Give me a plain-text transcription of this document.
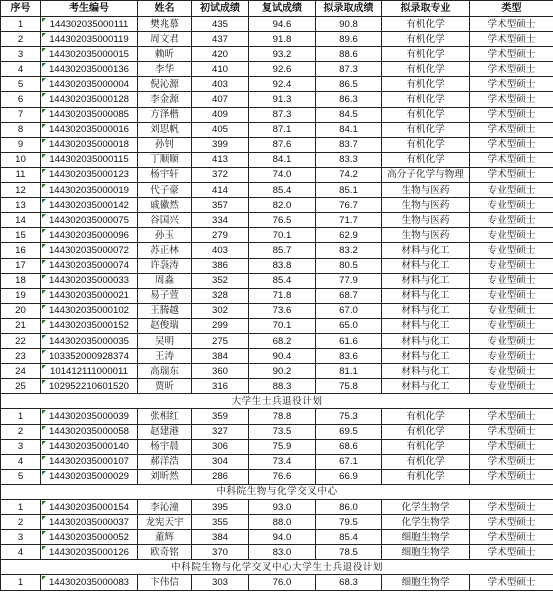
序号	考生编号	姓名	初试成绩	复试成绩	拟录取成绩	拟录取专业	类型
1	144302035000111	樊兆慕	435	94.6	90.8	有机化学	学术型硕士
2	144302035000119	周文君	437	91.8	89.6	有机化学	学术型硕士
3	144302035000015	赖昕	420	93.2	88.6	有机化学	学术型硕士
4	144302035000136	李华	410	92.6	87.3	有机化学	学术型硕士
5	144302035000004	倪沁源	403	92.4	86.5	有机化学	学术型硕士
6	144302035000128	李金源	407	91.3	86.3	有机化学	学术型硕士
7	144302035000085	方泽楷	409	87.3	84.5	有机化学	学术型硕士
8	144302035000016	刘思帆	405	87.1	84.1	有机化学	学术型硕士
9	144302035000018	孙钊	399	87.6	83.7	有机化学	学术型硕士
10	144302035000115	丁顺顺	413	84.1	83.3	有机化学	学术型硕士
11	144302035000123	杨宇轩	372	74.0	74.2	高分子化学与物理	学术型硕士
12	144302035000019	代子豪	414	85.4	85.1	生物与医药	专业型硕士
13	144302035000142	戚徽然	357	82.0	76.7	生物与医药	专业型硕士
14	144302035000075	谷国兴	334	76.5	71.7	生物与医药	专业型硕士
15	144302035000096	孙玉	279	70.1	62.9	生物与医药	专业型硕士
16	144302035000072	苏正林	403	85.7	83.2	材料与化工	专业型硕士
17	144302035000074	许袅涛	386	83.8	80.5	材料与化工	专业型硕士
18	144302035000033	周淼	352	85.4	77.9	材料与化工	专业型硕士
19	144302035000021	易子萱	328	71.8	68.7	材料与化工	专业型硕士
20	144302035000102	王腾越	302	73.6	67.0	材料与化工	专业型硕士
21	144302035000152	赵俊瑞	299	70.1	65.0	材料与化工	专业型硕士
22	144302035000035	吴明	275	68.2	61.6	材料与化工	专业型硕士
23	103352000928374	王涛	384	90.4	83.6	材料与化工	专业型硕士
24	101412111000011	高瑞东	360	90.2	81.1	材料与化工	专业型硕士
25	102952210601520	贾昕	316	88.3	75.8	材料与化工	专业型硕士
大学生士兵退役计划							
1	144302035000039	张相红	359	78.8	75.3	有机化学	学术型硕士
2	144302035000058	赵建港	327	73.5	69.5	有机化学	学术型硕士
3	144302035000140	杨宇晨	306	75.9	68.6	有机化学	学术型硕士
4	144302035000107	郝洋浩	304	73.4	67.1	有机化学	学术型硕士
5	144302035000029	刘昕然	286	76.6	66.9	有机化学	学术型硕士
中科院生物与化学交叉中心							
1	144302035000154	李沁潼	395	93.0	86.0	化学生物学	学术型硕士
2	144302035000037	龙宪天宇	355	88.0	79.5	化学生物学	学术型硕士
3	144302035000052	董辉	384	94.0	85.4	细胞生物学	学术型硕士
4	144302035000126	欧奇铭	370	83.0	78.5	细胞生物学	学术型硕士
中科院生物与化学交叉中心大学生士兵退役计划							
1	144302035000083	卞伟信	303	76.0	68.3	细胞生物学	学术型硕士
